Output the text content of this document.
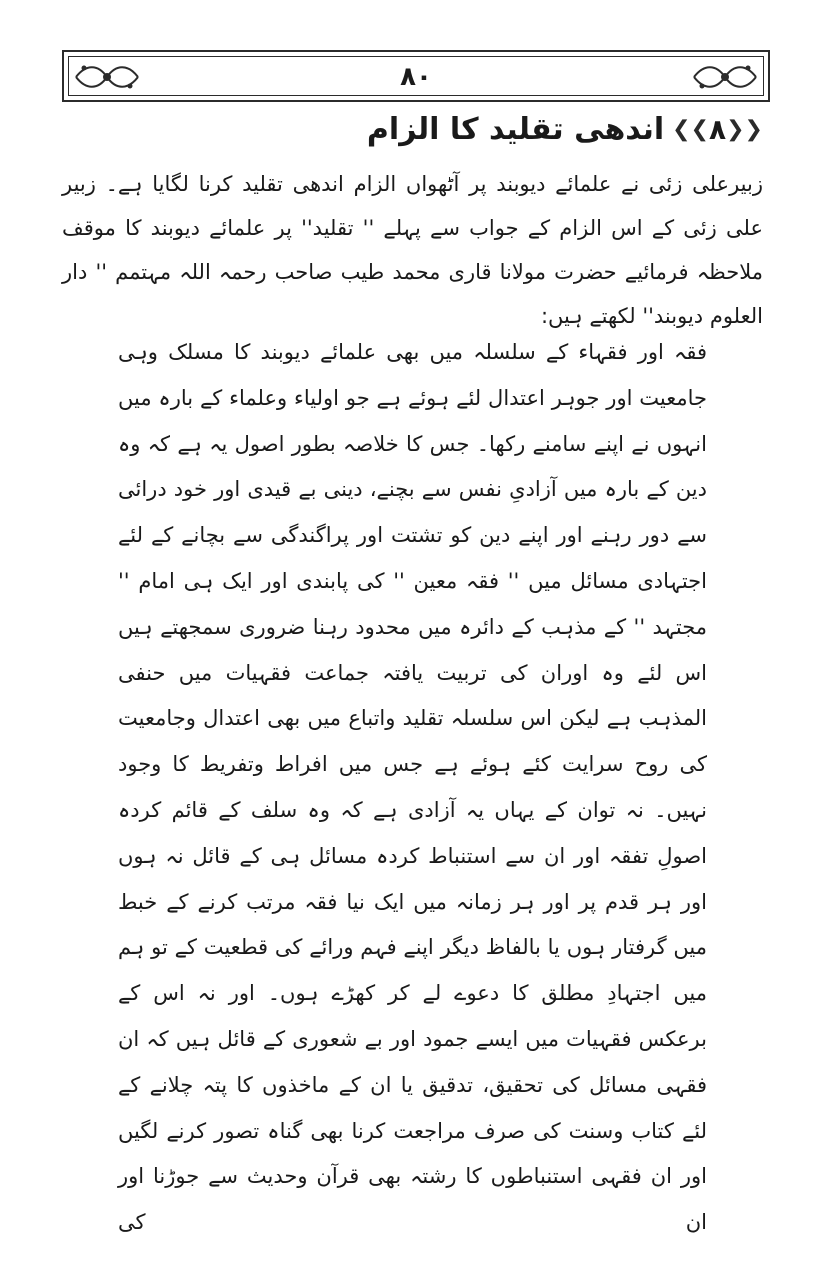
۸۰
❮❮
۸
❯❯
اندھی تقلید کا الزام
زبیرعلی زئی نے علمائے دیوبند پر آٹھواں الزام اندھی تقلید کرنا لگایا ہے۔ زبیر علی زئی کے اس الزام کے جواب سے پہلے '' تقلید'' پر علمائے دیوبند کا موقف ملاحظہ فرمائیے حضرت مولانا قاری محمد طیب صاحب رحمہ اللہ مہتمم '' دار العلوم دیوبند'' لکھتے ہیں:
فقہ اور فقہاء کے سلسلہ میں بھی علمائے دیوبند کا مسلک وہی جامعیت اور جوہر اعتدال لئے ہوئے ہے جو اولیاء وعلماء کے بارہ میں انہوں نے اپنے سامنے رکھا۔ جس کا خلاصہ بطور اصول یہ ہے کہ وہ دین کے بارہ میں آزادیِ نفس سے بچنے، دینی بے قیدی اور خود درائی سے دور رہنے اور اپنے دین کو تشتت اور پراگندگی سے بچانے کے لئے اجتہادی مسائل میں '' فقہ معین '' کی پابندی اور ایک ہی امام '' مجتہد '' کے مذہب کے دائرہ میں محدود رہنا ضروری سمجھتے ہیں اس لئے وہ اوران کی تربیت یافتہ جماعت فقہیات میں حنفی المذہب ہے لیکن اس سلسلہ تقلید واتباع میں بھی اعتدال وجامعیت کی روح سرایت کئے ہوئے ہے جس میں افراط وتفریط کا وجود نہیں۔ نہ توان کے یہاں یہ آزادی ہے کہ وہ سلف کے قائم کردہ اصولِ تفقہ اور ان سے استنباط کردہ مسائل ہی کے قائل نہ ہوں اور ہر قدم پر اور ہر زمانہ میں ایک نیا فقہ مرتب کرنے کے خبط میں گرفتار ہوں یا بالفاظ دیگر اپنے فہم ورائے کی قطعیت کے تو ہم میں اجتہادِ مطلق کا دعوے لے کر کھڑے ہوں۔ اور نہ اس کے برعکس فقہیات میں ایسے جمود اور بے شعوری کے قائل ہیں کہ ان فقہی مسائل کی تحقیق، تدقیق یا ان کے ماخذوں کا پتہ چلانے کے لئے کتاب وسنت کی صرف مراجعت کرنا بھی گناہ تصور کرنے لگیں اور ان فقہی استنباطوں کا رشتہ بھی قرآن وحدیث سے جوڑنا اور ان کی
